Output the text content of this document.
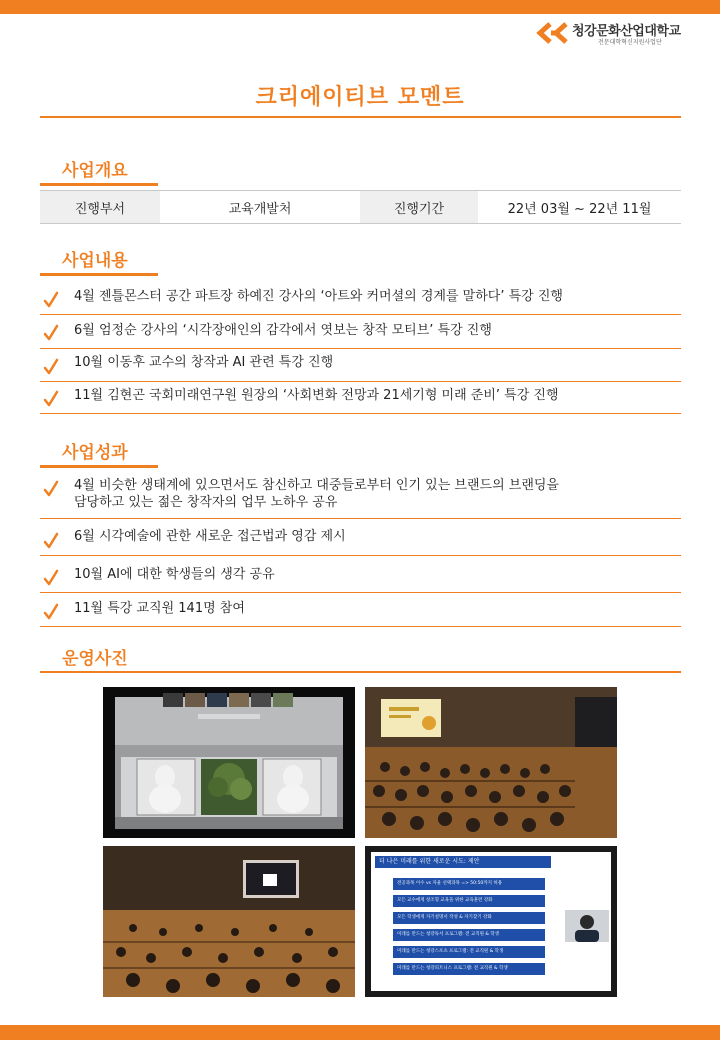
청강문화산업대학교
전문대학혁신지원사업단
크리에이티브 모멘트
사업개요
진행부서	교육개발처	진행기간	22년 03월 ~ 22년 11월
사업내용
4월 젠틀몬스터 공간 파트장 하예진 강사의 ‘아트와 커머셜의 경계를 말하다’ 특강 진행
6월 엄정순 강사의 ‘시각장애인의 감각에서 엿보는 창작 모티브’ 특강 진행
10월 이동후 교수의 창작과 AI 관련 특강 진행
11월 김현곤 국회미래연구원 원장의 ‘사회변화 전망과 21세기형 미래 준비’ 특강 진행
사업성과
4월 비슷한 생태계에 있으면서도 참신하고 대중들로부터 인기 있는 브랜드의 브랜딩을
담당하고 있는 젊은 창작자의 업무 노하우 공유
6월 시각예술에 관한 새로운 접근법과 영감 제시
10월 AI에 대한 학생들의 생각 공유
11월 특강 교직원 141명 참여
운영사진
더 나은 미래를 위한 새로운 시도: 제안
전공과목 이수 vs 자율 선택과목 => 50:50까지 허용
모든 교수에게 창조형 교육을 위한 교육훈련 강화
모든 학생에게 자기설명서 작성 & 자기찾기 강화
미래를 만드는 청강독서 프로그램: 전 교직원 & 학생
미래를 만드는 청강스포츠 프로그램: 전 교직원 & 학생
미래를 만드는 청강피트니스 프로그램: 전 교직원 & 학생
